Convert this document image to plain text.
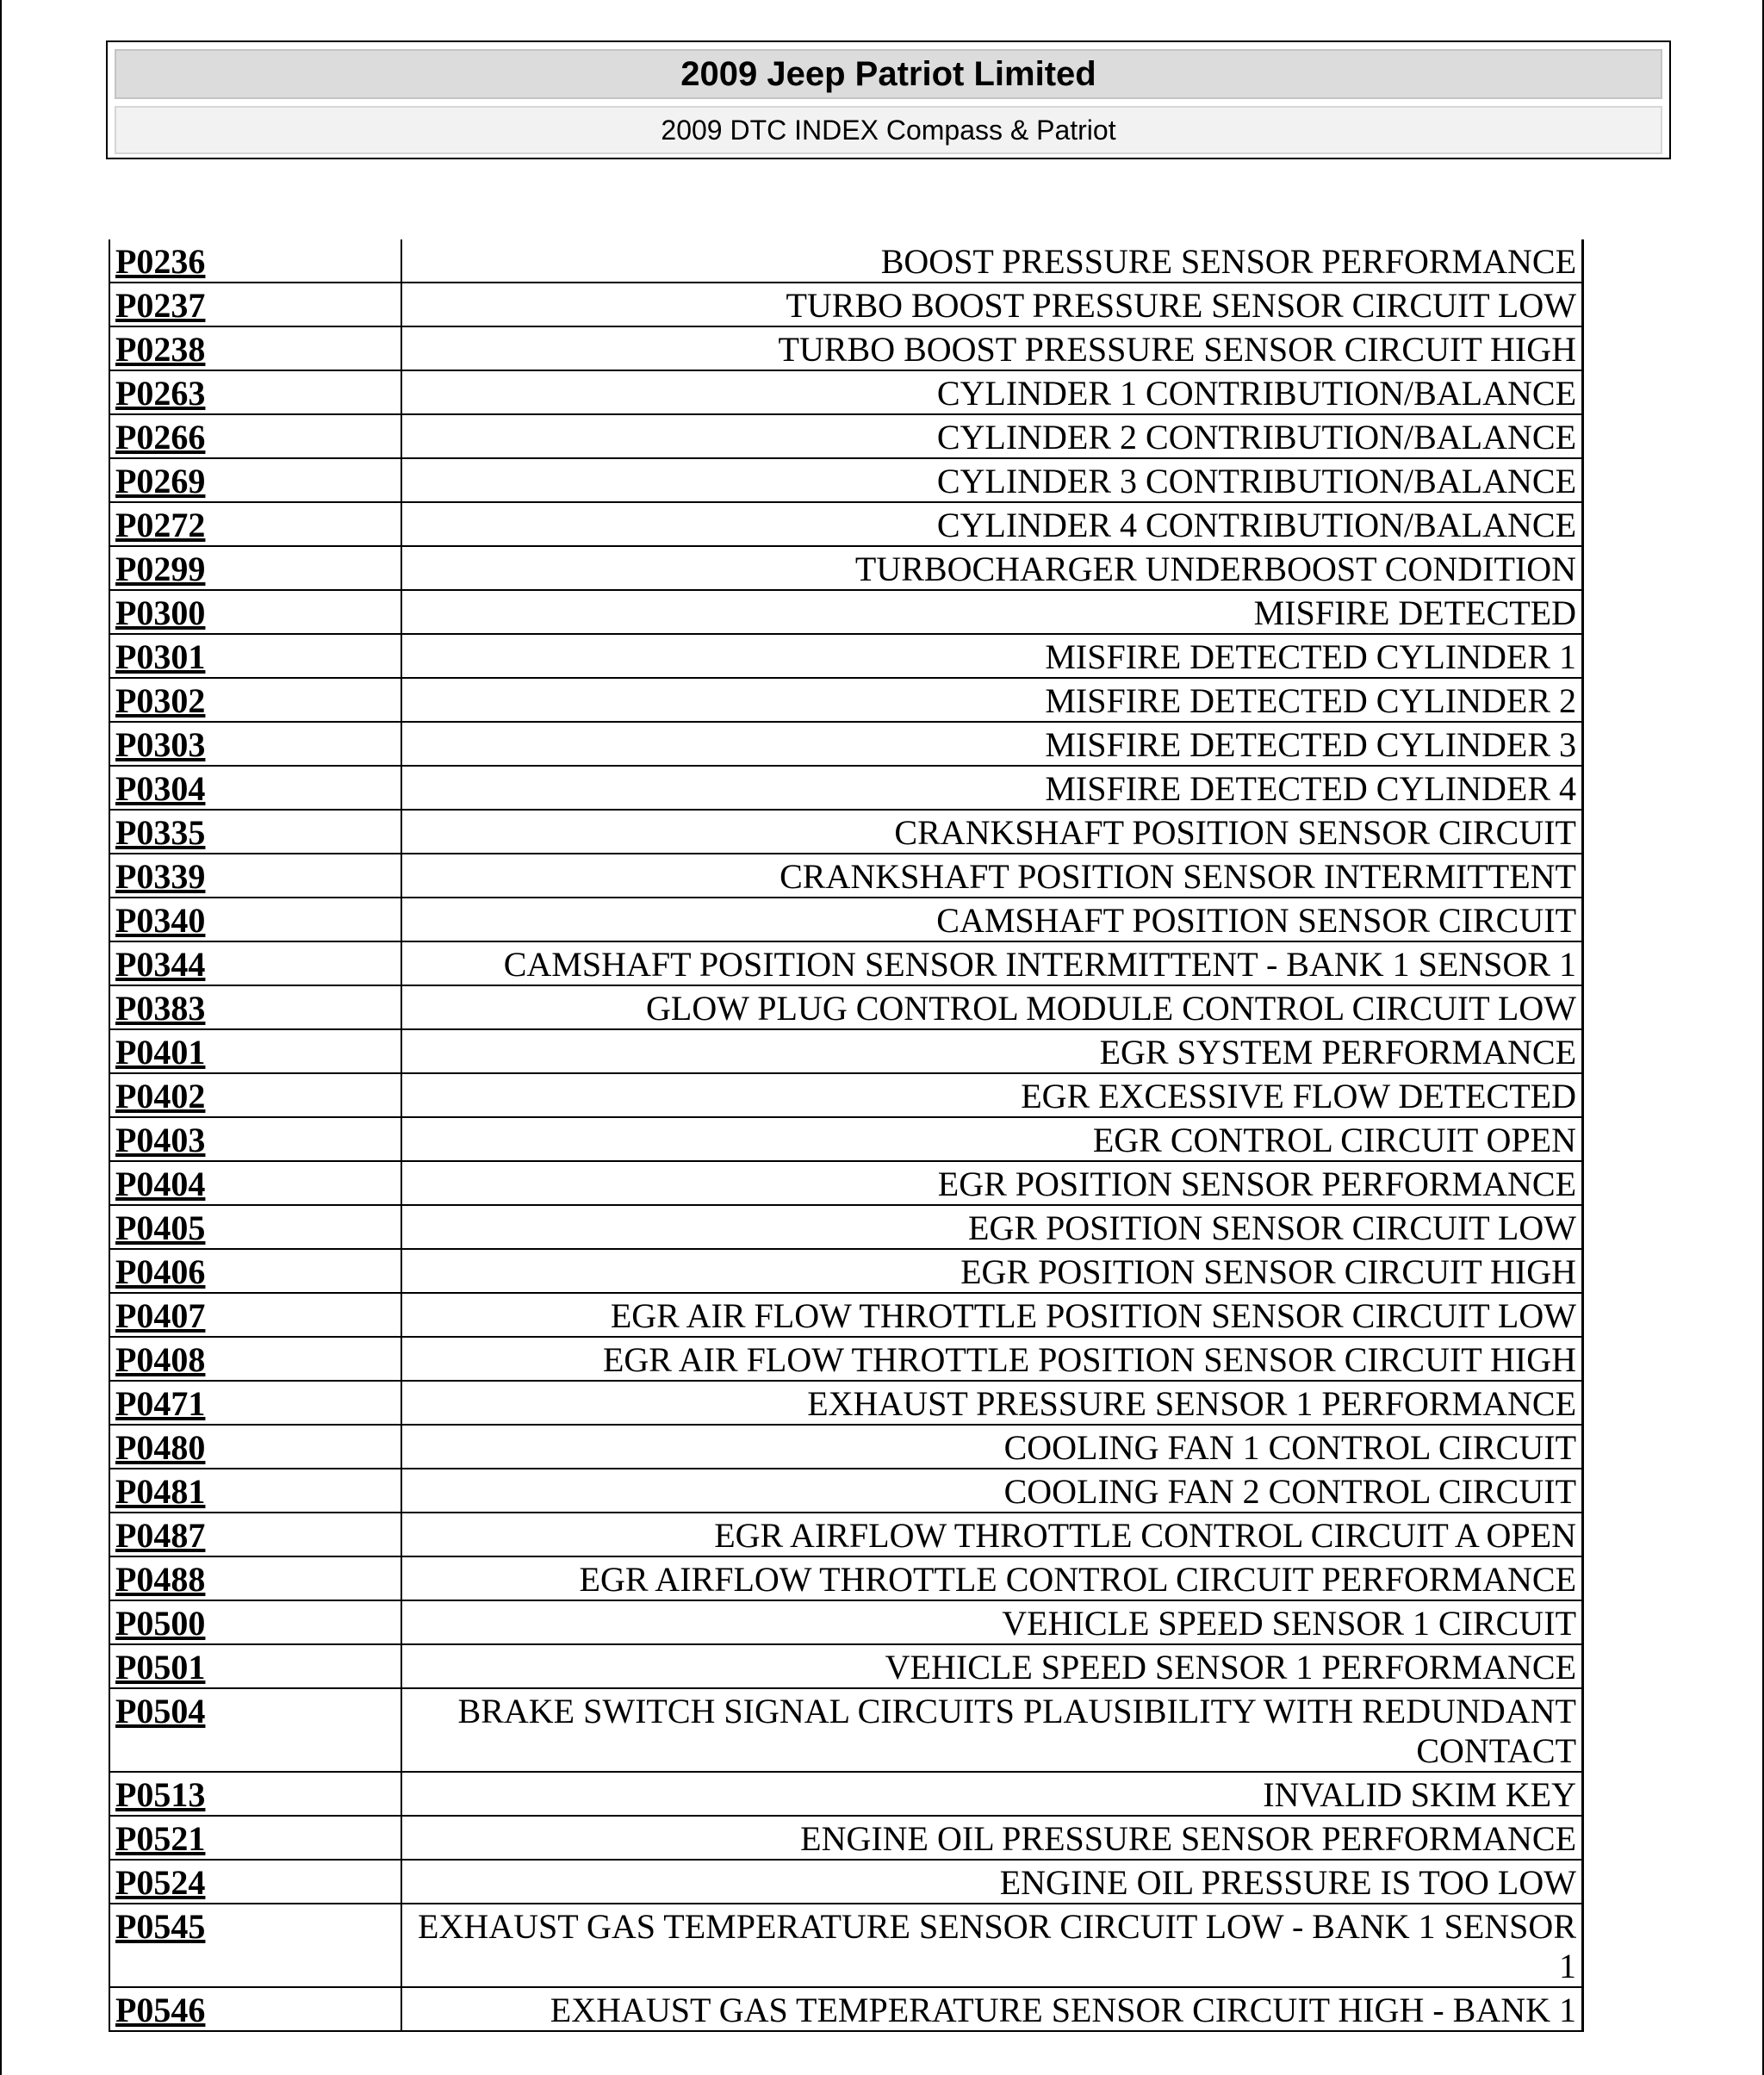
2009 Jeep Patriot Limited
2009 DTC INDEX Compass & Patriot
P0236	BOOST PRESSURE SENSOR PERFORMANCE
P0237	TURBO BOOST PRESSURE SENSOR CIRCUIT LOW
P0238	TURBO BOOST PRESSURE SENSOR CIRCUIT HIGH
P0263	CYLINDER 1 CONTRIBUTION/BALANCE
P0266	CYLINDER 2 CONTRIBUTION/BALANCE
P0269	CYLINDER 3 CONTRIBUTION/BALANCE
P0272	CYLINDER 4 CONTRIBUTION/BALANCE
P0299	TURBOCHARGER UNDERBOOST CONDITION
P0300	MISFIRE DETECTED
P0301	MISFIRE DETECTED CYLINDER 1
P0302	MISFIRE DETECTED CYLINDER 2
P0303	MISFIRE DETECTED CYLINDER 3
P0304	MISFIRE DETECTED CYLINDER 4
P0335	CRANKSHAFT POSITION SENSOR CIRCUIT
P0339	CRANKSHAFT POSITION SENSOR INTERMITTENT
P0340	CAMSHAFT POSITION SENSOR CIRCUIT
P0344	CAMSHAFT POSITION SENSOR INTERMITTENT - BANK 1 SENSOR 1
P0383	GLOW PLUG CONTROL MODULE CONTROL CIRCUIT LOW
P0401	EGR SYSTEM PERFORMANCE
P0402	EGR EXCESSIVE FLOW DETECTED
P0403	EGR CONTROL CIRCUIT OPEN
P0404	EGR POSITION SENSOR PERFORMANCE
P0405	EGR POSITION SENSOR CIRCUIT LOW
P0406	EGR POSITION SENSOR CIRCUIT HIGH
P0407	EGR AIR FLOW THROTTLE POSITION SENSOR CIRCUIT LOW
P0408	EGR AIR FLOW THROTTLE POSITION SENSOR CIRCUIT HIGH
P0471	EXHAUST PRESSURE SENSOR 1 PERFORMANCE
P0480	COOLING FAN 1 CONTROL CIRCUIT
P0481	COOLING FAN 2 CONTROL CIRCUIT
P0487	EGR AIRFLOW THROTTLE CONTROL CIRCUIT A OPEN
P0488	EGR AIRFLOW THROTTLE CONTROL CIRCUIT PERFORMANCE
P0500	VEHICLE SPEED SENSOR 1 CIRCUIT
P0501	VEHICLE SPEED SENSOR 1 PERFORMANCE
P0504	BRAKE SWITCH SIGNAL CIRCUITS PLAUSIBILITY WITH REDUNDANT CONTACT
P0513	INVALID SKIM KEY
P0521	ENGINE OIL PRESSURE SENSOR PERFORMANCE
P0524	ENGINE OIL PRESSURE IS TOO LOW
P0545	EXHAUST GAS TEMPERATURE SENSOR CIRCUIT LOW - BANK 1 SENSOR 1
P0546	EXHAUST GAS TEMPERATURE SENSOR CIRCUIT HIGH - BANK 1
